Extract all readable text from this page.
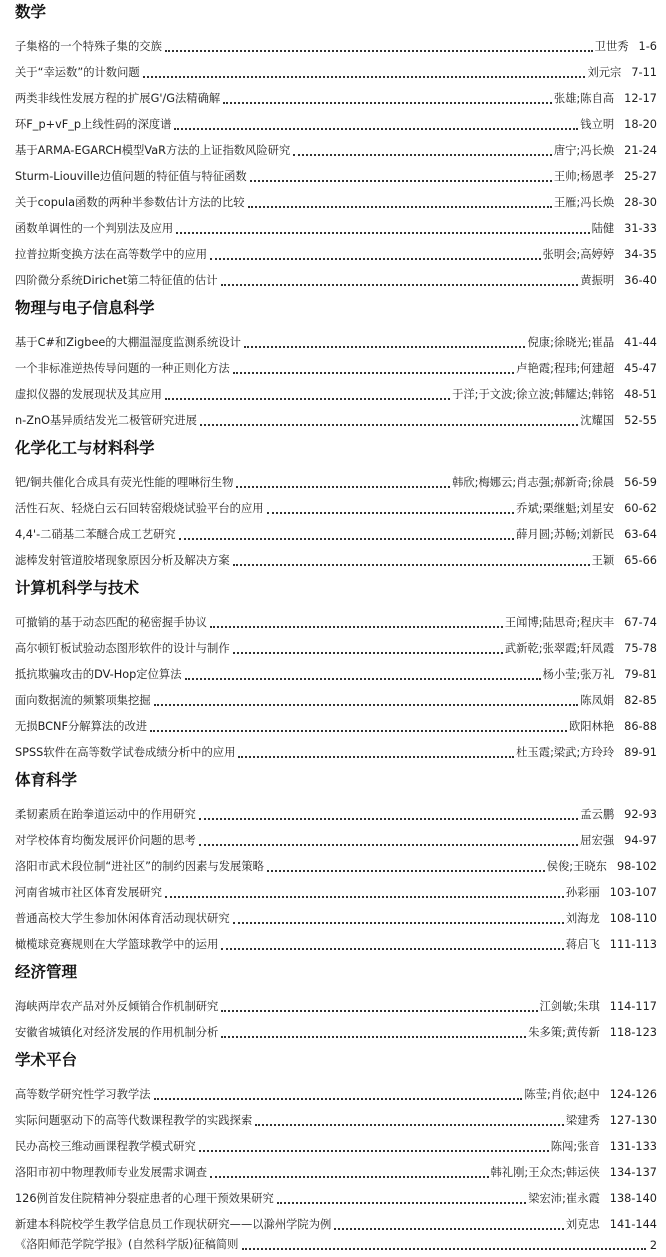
数学
子集格的一个特殊子集的交族	卫世秀 1-6
关于“幸运数”的计数问题	刘元宗 7-11
两类非线性发展方程的扩展G'/G法精确解	张雄;陈自高 12-17
环F_p+vF_p上线性码的深度谱	钱立明 18-20
基于ARMA-EGARCH模型VaR方法的上证指数风险研究	唐宁;冯长焕 21-24
Sturm-Liouville边值问题的特征值与特征函数	王帅;杨恩孝 25-27
关于copula函数的两种半参数估计方法的比较	王雁;冯长焕 28-30
函数单调性的一个判别法及应用	陆健 31-33
拉普拉斯变换方法在高等数学中的应用	张明会;高婷婷 34-35
四阶微分系统Dirichet第二特征值的估计	黄振明 36-40
物理与电子信息科学
基于C#和Zigbee的大棚温湿度监测系统设计	倪康;徐晓光;崔晶 41-44
一个非标准逆热传导问题的一种正则化方法	卢艳霞;程玮;何建超 45-47
虚拟仪器的发展现状及其应用	于洋;于文波;徐立波;韩耀达;韩铭 48-51
n-ZnO基异质结发光二极管研究进展	沈耀国 52-55
化学化工与材料科学
钯/铜共催化合成具有荧光性能的哩啉衍生物	韩欣;梅娜云;肖志强;郝新奇;徐晨 56-59
活性石灰、轻烧白云石回转窑煅烧试验平台的应用	乔斌;栗继魁;刘星安 60-62
4,4'-二硝基二苯醚合成工艺研究	薛月圆;苏畅;刘新民 63-64
滤棒发射管道胶堵现象原因分析及解决方案	王颖 65-66
计算机科学与技术
可撤销的基于动态匹配的秘密握手协议	王闻博;陆思奇;程庆丰 67-74
高尔顿钉板试验动态图形软件的设计与制作	武新乾;张翠霞;轩凤霞 75-78
抵抗欺骗攻击的DV-Hop定位算法	杨小莹;张万礼 79-81
面向数据流的频繁项集挖掘	陈凤娟 82-85
无损BCNF分解算法的改进	欧阳林艳 86-88
SPSS软件在高等数学试卷成绩分析中的应用	杜玉霞;梁武;方玲玲 89-91
体育科学
柔韧素质在跆拳道运动中的作用研究	孟云鹏 92-93
对学校体育均衡发展评价问题的思考	屈宏强 94-97
洛阳市武术段位制“进社区”的制约因素与发展策略	侯俊;王晓东 98-102
河南省城市社区体育发展研究	孙彩丽 103-107
普通高校大学生参加休闲体育活动现状研究	刘海龙 108-110
橄榄球竞赛规则在大学篮球教学中的运用	蒋启飞 111-113
经济管理
海峡两岸农产品对外反倾销合作机制研究	江剑敏;朱琪 114-117
安徽省城镇化对经济发展的作用机制分析	朱多策;黄传新 118-123
学术平台
高等数学研究性学习教学法	陈莹;肖依;赵中 124-126
实际问题驱动下的高等代数课程教学的实践探索	梁建秀 127-130
民办高校三维动画课程教学模式研究	陈闯;张音 131-133
洛阳市初中物理教师专业发展需求调查	韩礼刚;王众杰;韩运侠 134-137
126例首发住院精神分裂症患者的心理干预效果研究	梁宏沛;崔永霞 138-140
新建本科院校学生教学信息员工作现状研究——以滁州学院为例	刘克忠 141-144
《洛阳师范学院学报》(自然科学版)征稿简则	2
